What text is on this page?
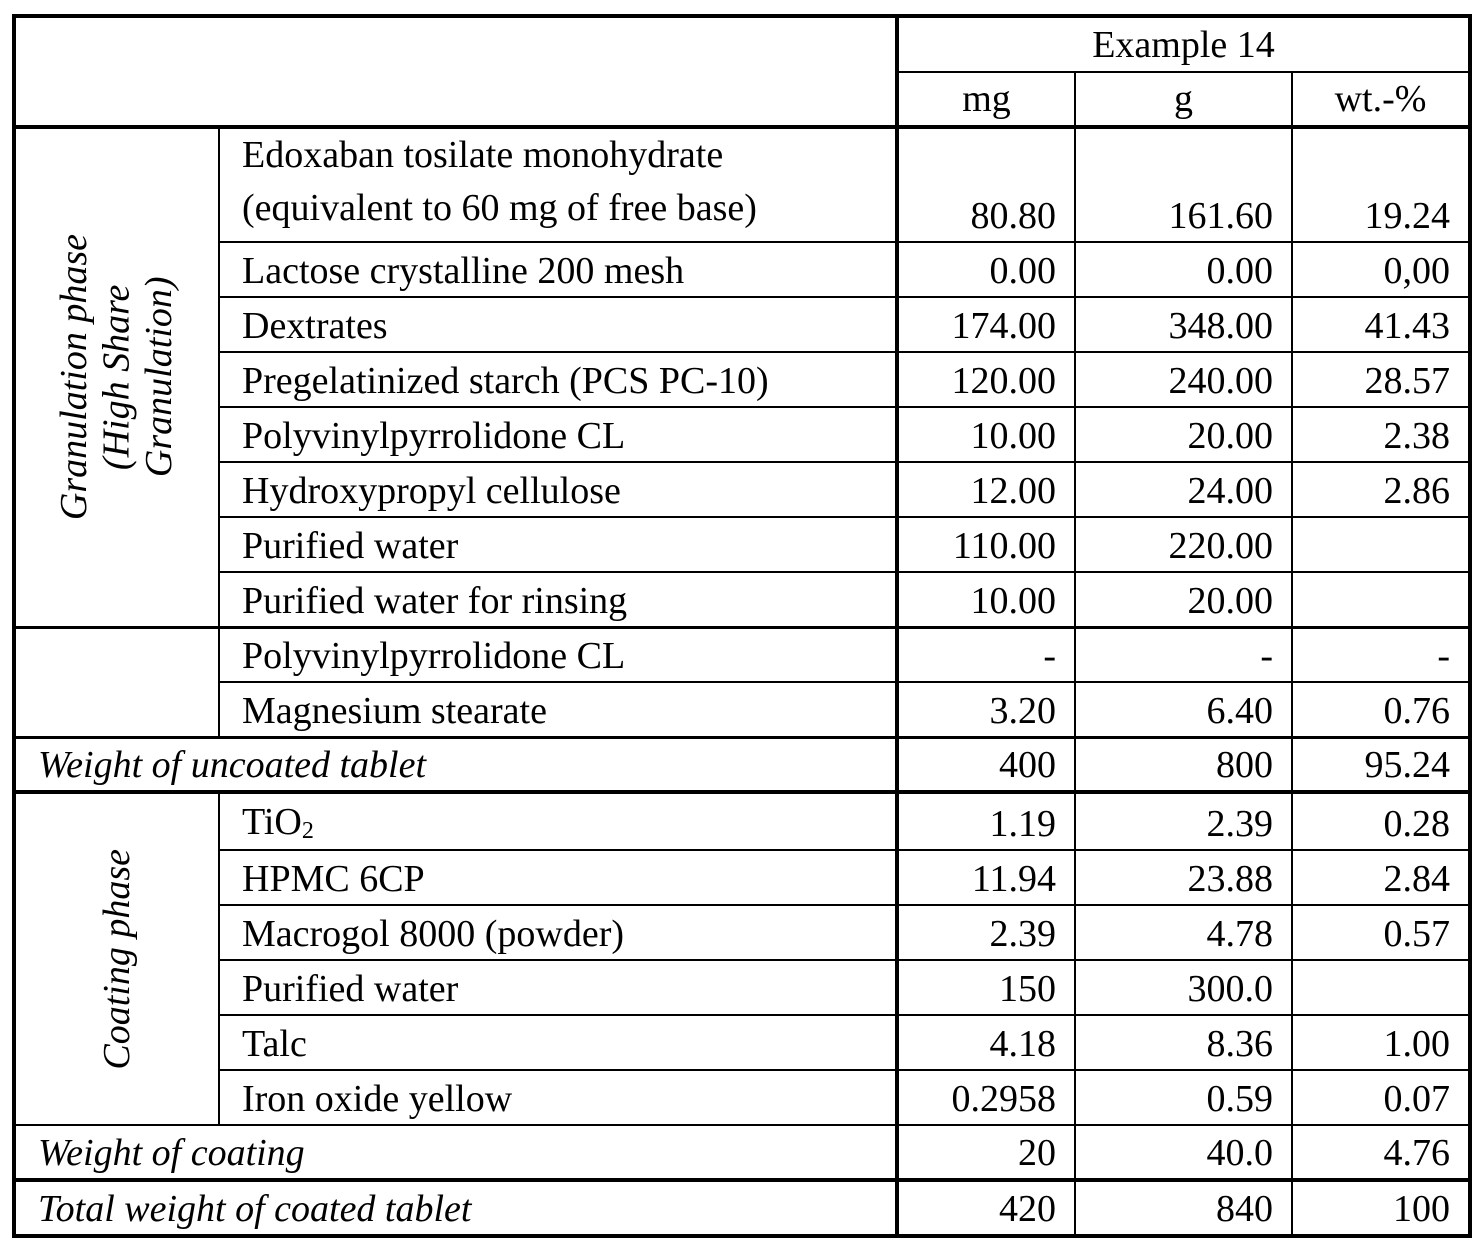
	Example 14
mg	g	wt.-%

Granulation phase
(High Share
Granulation)
	Edoxaban tosilate monohydrate
(equivalent to 60 mg of free base)	80.80	161.60	19.24
Lactose crystalline 200 mesh	0.00	0.00	0,00
Dextrates	174.00	348.00	41.43
Pregelatinized starch (PCS PC-10)	120.00	240.00	28.57
Polyvinylpyrrolidone CL	10.00	20.00	2.38
Hydroxypropyl cellulose	12.00	24.00	2.86
Purified water	110.00	220.00	
Purified water for rinsing	10.00	20.00	
	Polyvinylpyrrolidone CL	-	-	-
Magnesium stearate	3.20	6.40	0.76
Weight of uncoated tablet	400	800	95.24

Coating phase
	TiO2	1.19	2.39	0.28
HPMC 6CP	11.94	23.88	2.84
Macrogol 8000 (powder)	2.39	4.78	0.57
Purified water	150	300.0	
Talc	4.18	8.36	1.00
Iron oxide yellow	0.2958	0.59	0.07
Weight of coating	20	40.0	4.76
Total weight of coated tablet	420	840	100
